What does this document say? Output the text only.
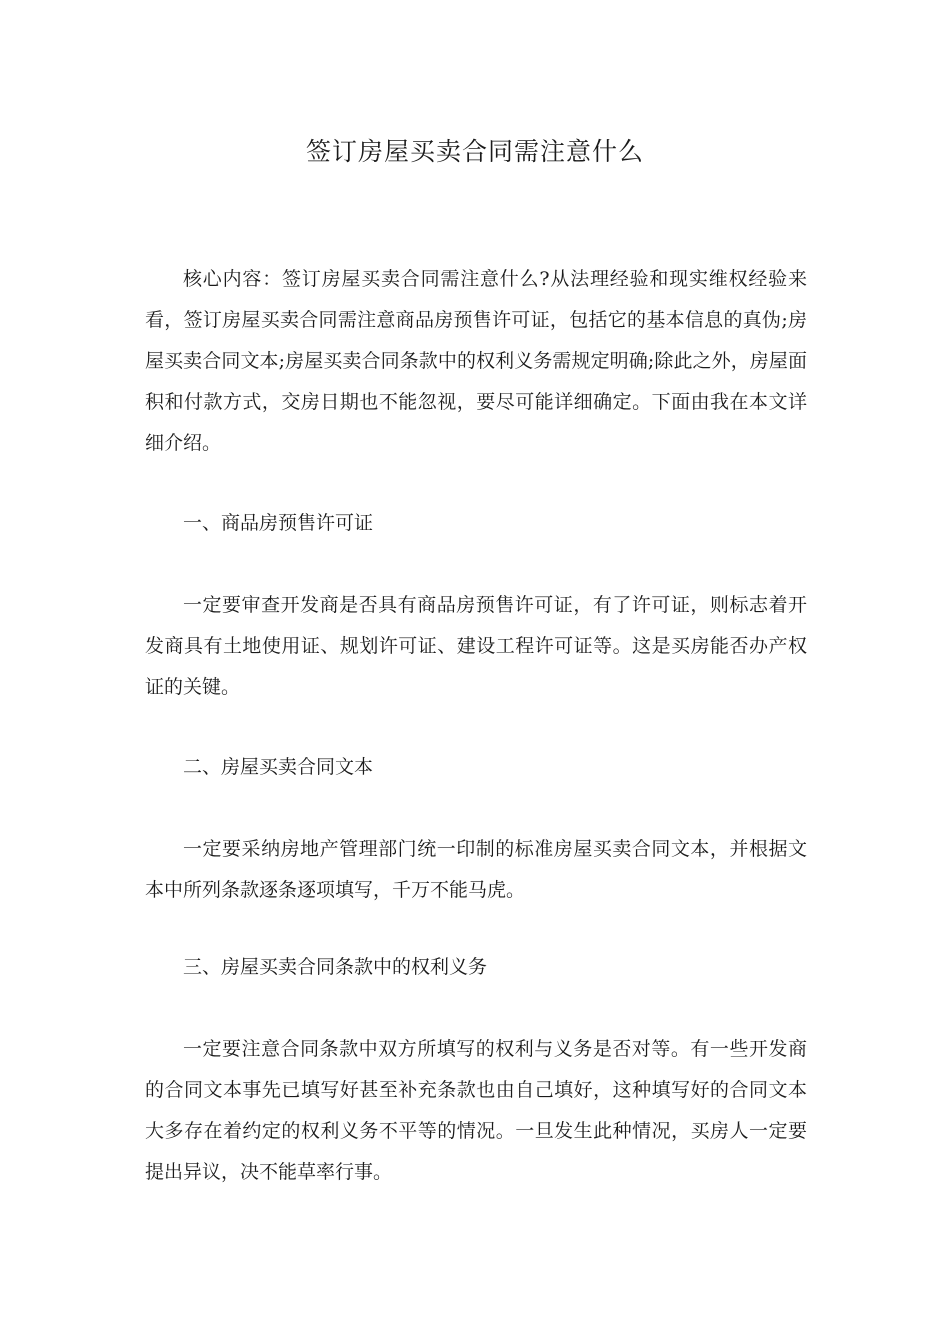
签订房屋买卖合同需注意什么

核心内容：签订房屋买卖合同需注意什么?从法理经验和现实维权经验来看，签订房屋买卖合同需注意商品房预售许可证，包括它的基本信息的真伪;房屋买卖合同文本;房屋买卖合同条款中的权利义务需规定明确;除此之外，房屋面积和付款方式，交房日期也不能忽视，要尽可能详细确定。下面由我在本文详细介绍。

一、商品房预售许可证

一定要审查开发商是否具有商品房预售许可证，有了许可证，则标志着开发商具有土地使用证、规划许可证、建设工程许可证等。这是买房能否办产权证的关键。

二、房屋买卖合同文本

一定要采纳房地产管理部门统一印制的标准房屋买卖合同文本，并根据文本中所列条款逐条逐项填写，千万不能马虎。

三、房屋买卖合同条款中的权利义务

一定要注意合同条款中双方所填写的权利与义务是否对等。有一些开发商的合同文本事先已填写好甚至补充条款也由自己填好，这种填写好的合同文本大多存在着约定的权利义务不平等的情况。一旦发生此种情况，买房人一定要提出异议，决不能草率行事。
